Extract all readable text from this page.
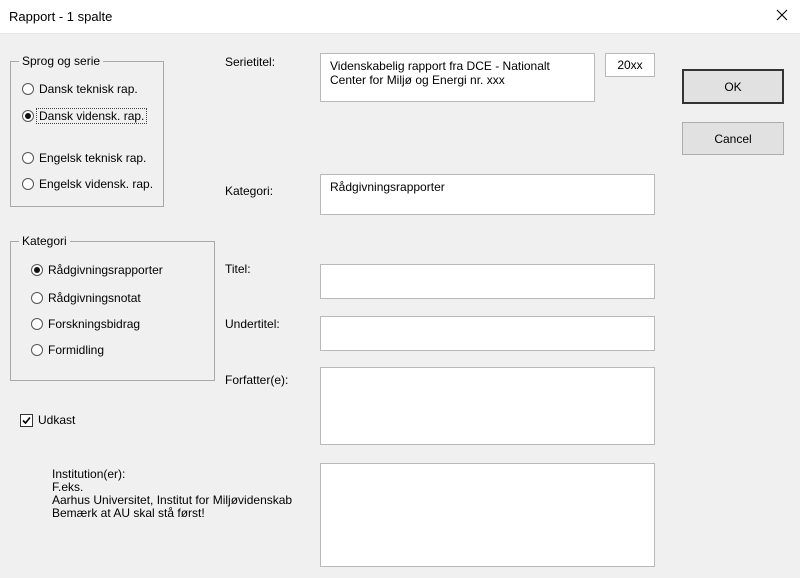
Rapport - 1 spalte
Sprog og serie
Dansk teknisk rap.
Dansk vidensk. rap.
Engelsk teknisk rap.
Engelsk vidensk. rap.
Kategori
Rådgivningsrapporter
Rådgivningsnotat
Forskningsbidrag
Formidling
Udkast
Institution(er):
F.eks.
Aarhus Universitet, Institut for Miljøvidenskab
Bemærk at AU skal stå først!
Serietitel:
Kategori:
Titel:
Undertitel:
Forfatter(e):
Videnskabelig rapport fra DCE - Nationalt Center for Miljø og Energi nr. xxx
20xx
Rådgivningsrapporter
OK
Cancel
